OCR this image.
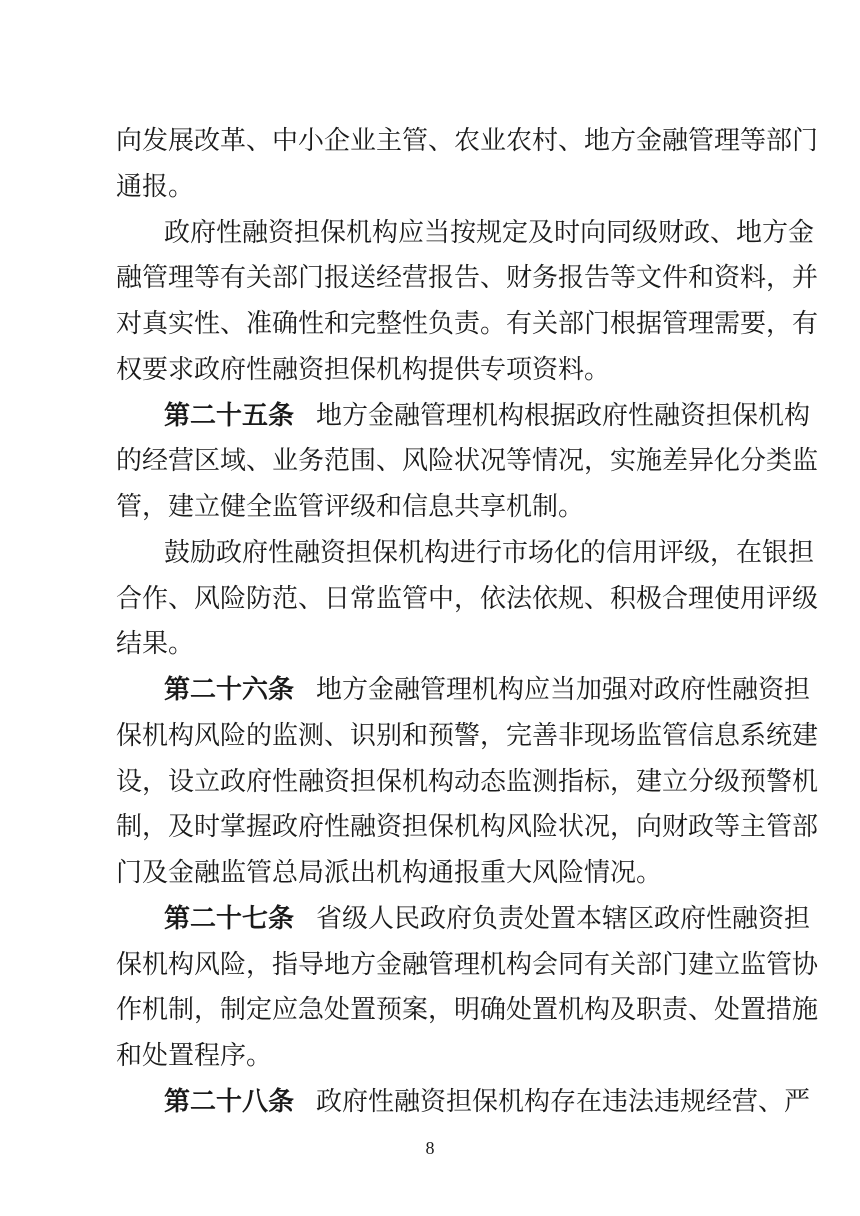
向发展改革、中小企业主管、农业农村、地方金融管理等部门
通报。
政府性融资担保机构应当按规定及时向同级财政、地方金
融管理等有关部门报送经营报告、财务报告等文件和资料，并
对真实性、准确性和完整性负责。有关部门根据管理需要，有
权要求政府性融资担保机构提供专项资料。
第二十五条 地方金融管理机构根据政府性融资担保机构
的经营区域、业务范围、风险状况等情况，实施差异化分类监
管，建立健全监管评级和信息共享机制。
鼓励政府性融资担保机构进行市场化的信用评级，在银担
合作、风险防范、日常监管中，依法依规、积极合理使用评级
结果。
第二十六条 地方金融管理机构应当加强对政府性融资担
保机构风险的监测、识别和预警，完善非现场监管信息系统建
设，设立政府性融资担保机构动态监测指标，建立分级预警机
制，及时掌握政府性融资担保机构风险状况，向财政等主管部
门及金融监管总局派出机构通报重大风险情况。
第二十七条 省级人民政府负责处置本辖区政府性融资担
保机构风险，指导地方金融管理机构会同有关部门建立监管协
作机制，制定应急处置预案，明确处置机构及职责、处置措施
和处置程序。
第二十八条 政府性融资担保机构存在违法违规经营、严
8
